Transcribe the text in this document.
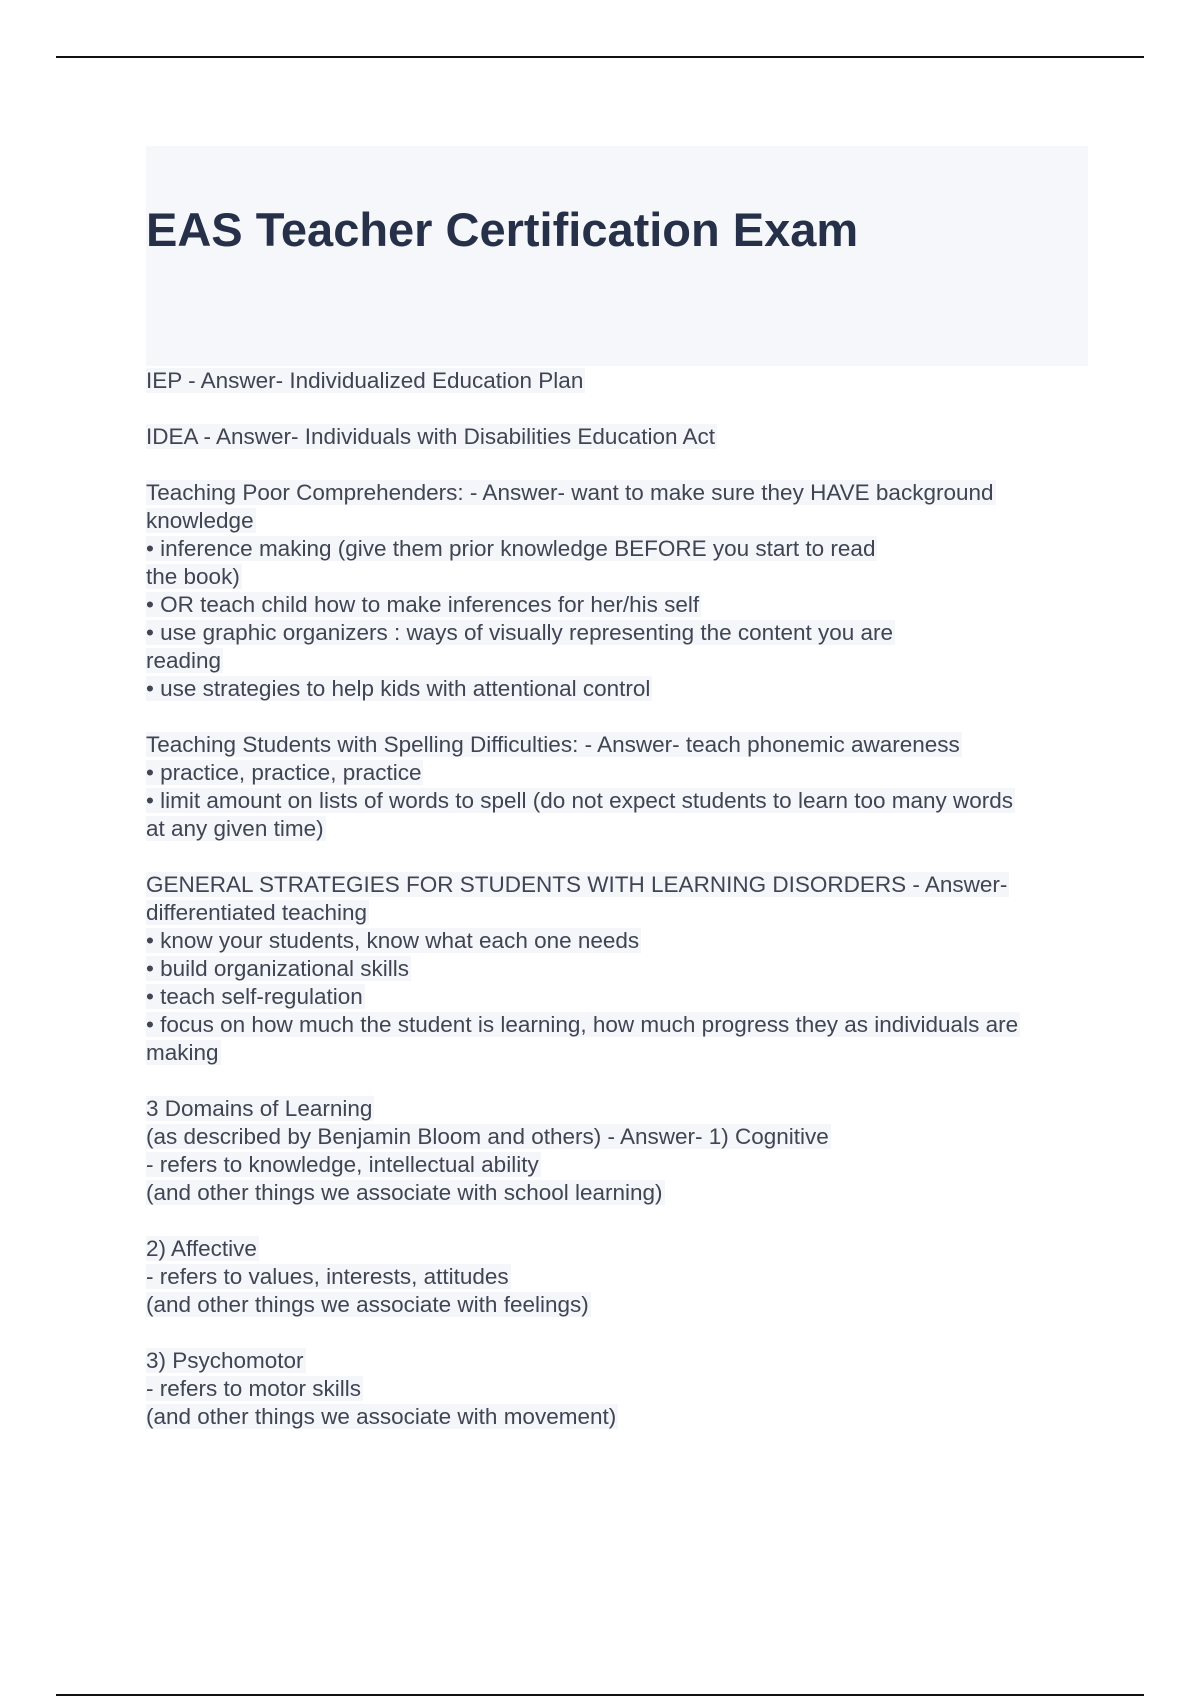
EAS Teacher Certification Exam
IEP - Answer- Individualized Education Plan
IDEA - Answer- Individuals with Disabilities Education Act
Teaching Poor Comprehenders: - Answer- want to make sure they HAVE background
knowledge
• inference making (give them prior knowledge BEFORE you start to read
the book)
• OR teach child how to make inferences for her/his self
• use graphic organizers : ways of visually representing the content you are
reading
• use strategies to help kids with attentional control
Teaching Students with Spelling Difficulties: - Answer- teach phonemic awareness
• practice, practice, practice
• limit amount on lists of words to spell (do not expect students to learn too many words
at any given time)
GENERAL STRATEGIES FOR STUDENTS WITH LEARNING DISORDERS - Answer-
differentiated teaching
• know your students, know what each one needs
• build organizational skills
• teach self-regulation
• focus on how much the student is learning, how much progress they as individuals are
making
3 Domains of Learning
(as described by Benjamin Bloom and others) - Answer- 1) Cognitive
- refers to knowledge, intellectual ability
(and other things we associate with school learning)
2) Affective
- refers to values, interests, attitudes
(and other things we associate with feelings)
3) Psychomotor
- refers to motor skills
(and other things we associate with movement)
